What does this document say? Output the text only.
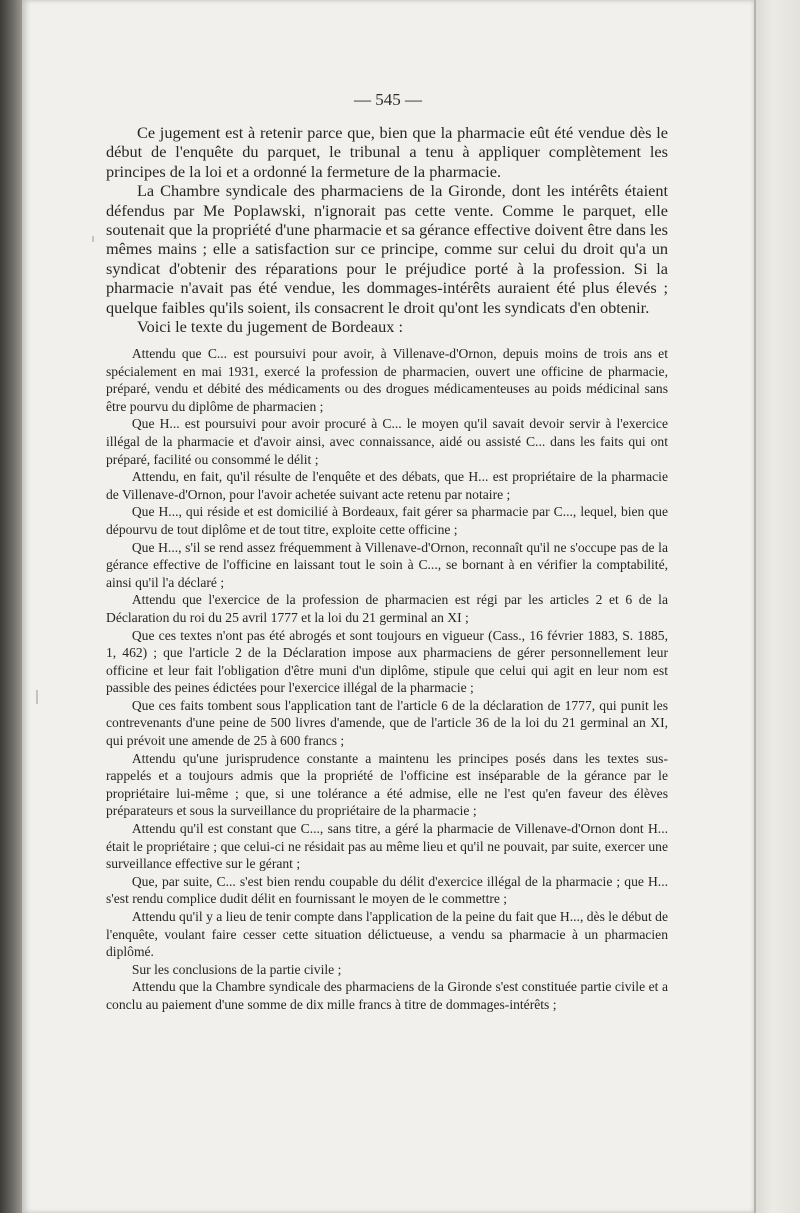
— 545 —

Ce jugement est à retenir parce que, bien que la pharmacie eût été vendue dès le début de l'enquête du parquet, le tribunal a tenu à appliquer complètement les principes de la loi et a ordonné la fermeture de la pharmacie.

La Chambre syndicale des pharmaciens de la Gironde, dont les intérêts étaient défendus par Me Poplawski, n'ignorait pas cette vente. Comme le parquet, elle soutenait que la propriété d'une pharmacie et sa gérance effective doivent être dans les mêmes mains ; elle a satisfaction sur ce principe, comme sur celui du droit qu'a un syndicat d'obtenir des réparations pour le préjudice porté à la profession. Si la pharmacie n'avait pas été vendue, les dommages-intérêts auraient été plus élevés ; quelque faibles qu'ils soient, ils consacrent le droit qu'ont les syndicats d'en obtenir.

Voici le texte du jugement de Bordeaux :

Attendu que C... est poursuivi pour avoir, à Villenave-d'Ornon, depuis moins de trois ans et spécialement en mai 1931, exercé la profession de pharmacien, ouvert une officine de pharmacie, préparé, vendu et débité des médicaments ou des drogues médicamenteuses au poids médicinal sans être pourvu du diplôme de pharmacien ;

Que H... est poursuivi pour avoir procuré à C... le moyen qu'il savait devoir servir à l'exercice illégal de la pharmacie et d'avoir ainsi, avec connaissance, aidé ou assisté C... dans les faits qui ont préparé, facilité ou consommé le délit ;

Attendu, en fait, qu'il résulte de l'enquête et des débats, que H... est propriétaire de la pharmacie de Villenave-d'Ornon, pour l'avoir achetée suivant acte retenu par notaire ;

Que H..., qui réside et est domicilié à Bordeaux, fait gérer sa pharmacie par C..., lequel, bien que dépourvu de tout diplôme et de tout titre, exploite cette officine ;

Que H..., s'il se rend assez fréquemment à Villenave-d'Ornon, reconnaît qu'il ne s'occupe pas de la gérance effective de l'officine en laissant tout le soin à C..., se bornant à en vérifier la comptabilité, ainsi qu'il l'a déclaré ;

Attendu que l'exercice de la profession de pharmacien est régi par les articles 2 et 6 de la Déclaration du roi du 25 avril 1777 et la loi du 21 germinal an XI ;

Que ces textes n'ont pas été abrogés et sont toujours en vigueur (Cass., 16 février 1883, S. 1885, 1, 462) ; que l'article 2 de la Déclaration impose aux pharmaciens de gérer personnellement leur officine et leur fait l'obligation d'être muni d'un diplôme, stipule que celui qui agit en leur nom est passible des peines édictées pour l'exercice illégal de la pharmacie ;

Que ces faits tombent sous l'application tant de l'article 6 de la déclaration de 1777, qui punit les contrevenants d'une peine de 500 livres d'amende, que de l'article 36 de la loi du 21 germinal an XI, qui prévoit une amende de 25 à 600 francs ;

Attendu qu'une jurisprudence constante a maintenu les principes posés dans les textes sus-rappelés et a toujours admis que la propriété de l'officine est inséparable de la gérance par le propriétaire lui-même ; que, si une tolérance a été admise, elle ne l'est qu'en faveur des élèves préparateurs et sous la surveillance du propriétaire de la pharmacie ;

Attendu qu'il est constant que C..., sans titre, a géré la pharmacie de Villenave-d'Ornon dont H... était le propriétaire ; que celui-ci ne résidait pas au même lieu et qu'il ne pouvait, par suite, exercer une surveillance effective sur le gérant ;

Que, par suite, C... s'est bien rendu coupable du délit d'exercice illégal de la pharmacie ; que H... s'est rendu complice dudit délit en fournissant le moyen de le commettre ;

Attendu qu'il y a lieu de tenir compte dans l'application de la peine du fait que H..., dès le début de l'enquête, voulant faire cesser cette situation délictueuse, a vendu sa pharmacie à un pharmacien diplômé.

Sur les conclusions de la partie civile ;

Attendu que la Chambre syndicale des pharmaciens de la Gironde s'est constituée partie civile et a conclu au paiement d'une somme de dix mille francs à titre de dommages-intérêts ;
